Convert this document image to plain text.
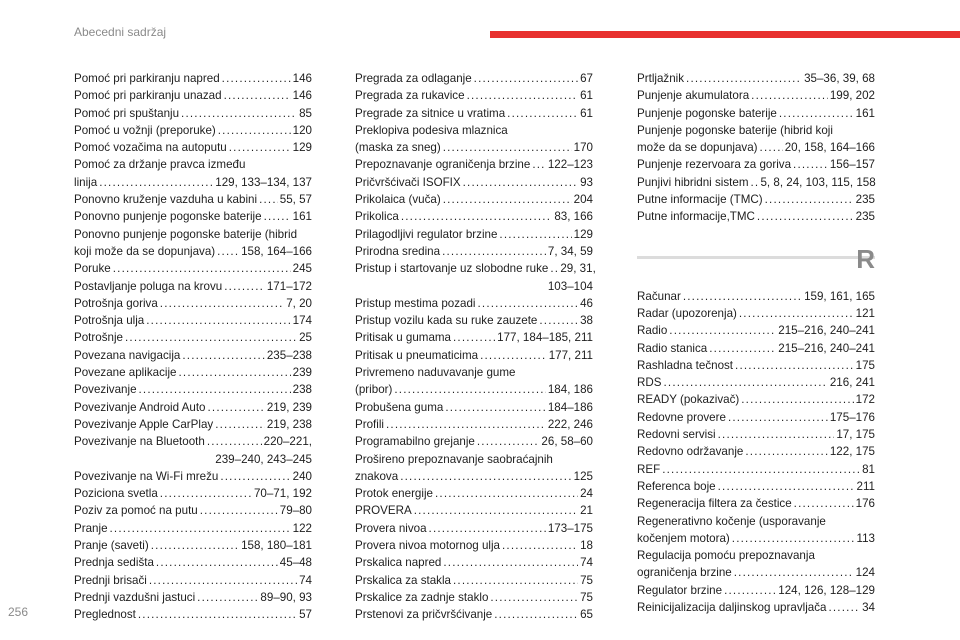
Abecedni sadržaj
Pomoć pri parkiranju napred .....	146
Pomoć pri parkiranju unazad .....	146
Pomoć pri spuštanju .....	85
Pomoć u vožnji (preporuke) .....	120
Pomoć vozačima na autoputu .....	129
Pomoć za držanje pravca između
linija .....	129, 133–134, 137
Ponovno kruženje vazduha u kabini ..... 55, 57
Ponovno punjenje pogonske baterije .....	161
Ponovno punjenje pogonske baterije (hibrid
koji može da se dopunjava) ..... 158, 164–166
Poruke .....	245
Postavljanje poluga na krovu .....	171–172
Potrošnja goriva .....	7, 20
Potrošnja ulja .....	174
Potrošnje .....	25
Povezana navigacija .....	235–238
Povezane aplikacije .....	239
Povezivanje .....	238
Povezivanje Android Auto .....	219, 239
Povezivanje Apple CarPlay .....	219, 238
Povezivanje na Bluetooth .....	220–221,
239–240, 243–245
Povezivanje na Wi-Fi mrežu .....	240
Poziciona svetla .....	70–71, 192
Poziv za pomoć na putu .....	79–80
Pranje .....	122
Pranje (saveti) .....	158, 180–181
Prednja sedišta .....	45–48
Prednji brisači .....	74
Prednji vazdušni jastuci .....	89–90, 93
Preglednost .....	57
Pregrada za odlaganje .....	67
Pregrada za rukavice .....	61
Pregrade za sitnice u vratima .....	61
Preklopiva podesiva mlaznica
(maska za sneg) .....	170
Prepoznavanje ograničenja brzine ..... 122–123
Pričvršćivači ISOFIX .....	93
Prikolaica (vuča) .....	204
Prikolica .....	83, 166
Prilagodljivi regulator brzine .....	129
Prirodna sredina .....	7, 34, 59
Pristup i startovanje uz slobodne ruke ..... 29, 31,
103–104
Pristup mestima pozadi .....	46
Pristup vozilu kada su ruke zauzete .....	38
Pritisak u gumama .....	177, 184–185, 211
Pritisak u pneumaticima .....	177, 211
Privremeno naduvavanje gume
(pribor) .....	184, 186
Probušena guma .....	184–186
Profili .....	222, 246
Programabilno grejanje .....	26, 58–60
Prošireno prepoznavanje saobraćajnih
znakova .....	125
Protok energije .....	24
PROVERA .....	21
Provera nivoa .....	173–175
Provera nivoa motornog ulja .....	18
Prskalica napred .....	74
Prskalica za stakla .....	75
Prskalice za zadnje staklo .....	75
Prstenovi za pričvršćivanje .....	65
Prtljažnik .....	35–36, 39, 68
Punjenje akumulatora .....	199, 202
Punjenje pogonske baterije .....	161
Punjenje pogonske baterije (hibrid koji
može da se dopunjava) ..... 20, 158, 164–166
Punjenje rezervoara za goriva .....	156–157
Punjivi hibridni sistem ..... 5, 8, 24, 103, 115, 158
Putne informacije (TMC) .....	235
Putne informacije,TMC .....	235
R
Računar .....	159, 161, 165
Radar (upozorenja) .....	121
Radio .....	215–216, 240–241
Radio stanica .....	215–216, 240–241
Rashladna tečnost .....	175
RDS .....	216, 241
READY (pokazivač) .....	172
Redovne provere .....	175–176
Redovni servisi .....	17, 175
Redovno održavanje .....	122, 175
REF .....	81
Referenca boje .....	211
Regeneracija filtera za čestice .....	176
Regenerativno kočenje (usporavanje
kočenjem motora) .....	113
Regulacija pomoću prepoznavanja
ograničenja brzine .....	124
Regulator brzine .....	124, 126, 128–129
Reinicijalizacija daljinskog upravljača .....	34
256
